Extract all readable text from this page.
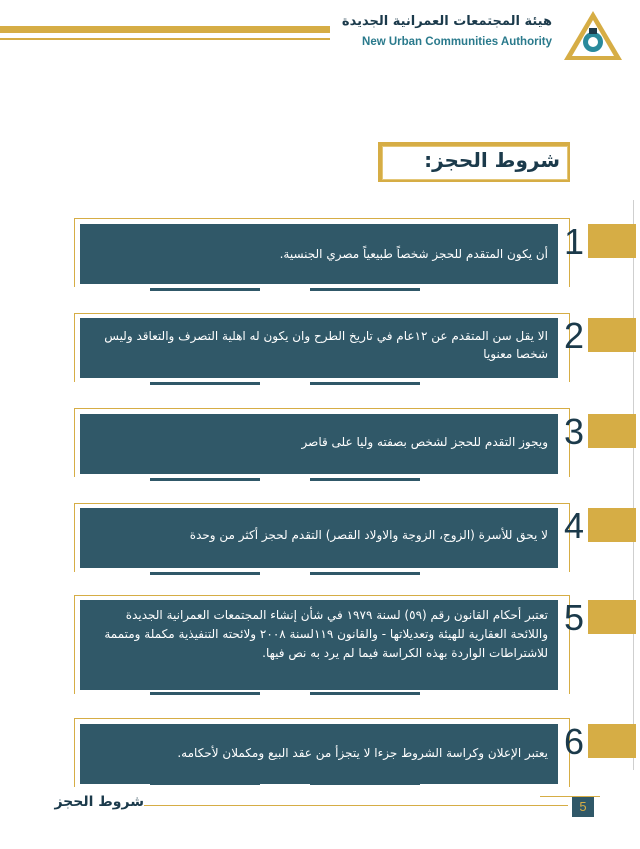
هيئة المجتمعات العمرانية الجديدة
New Urban Communities Authority
شروط الحجز:
1
أن يكون المتقدم للحجز شخصاً طبيعياً مصري الجنسية.
2
الا يقل سن المتقدم عن ١٢عام في تاريخ الطرح وان يكون له اهلية التصرف والتعاقد وليس شخصا معنويا
3
ويجوز التقدم للحجز لشخص بصفته وليا على قاصر
4
لا يحق للأسرة (الزوج، الزوجة والاولاد القصر) التقدم لحجز أكثر من وحدة
5
تعتبر أحكام القانون رقم (٥٩) لسنة ١٩٧٩ في شأن إنشاء المجتمعات العمرانية الجديدة واللائحة العقارية للهيئة وتعديلاتها - والقانون ١١٩لسنة ٢٠٠٨ ولائحته التنفيذية مكملة ومتممة للاشتراطات الواردة بهذه الكراسة فيما لم يرد به نص فيها.
6
يعتبر الإعلان وكراسة الشروط جزءا لا يتجزأ من عقد البيع ومكملان لأحكامه.
شروط الحجز	5
